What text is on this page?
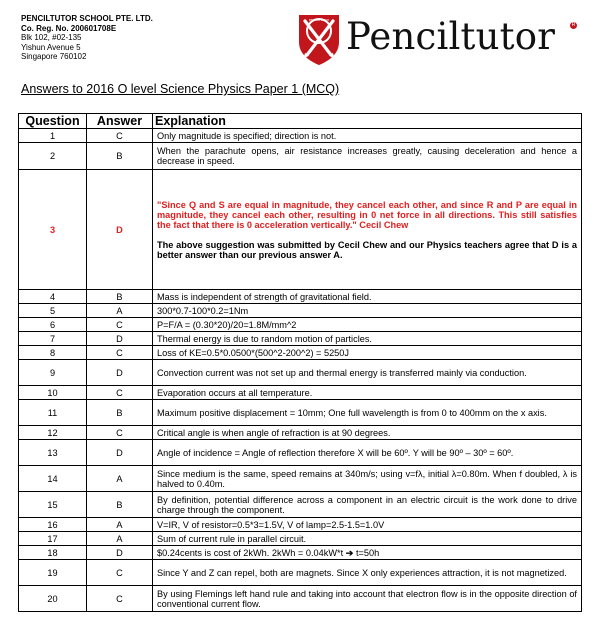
PENCILTUTOR SCHOOL PTE. LTD.
Co. Reg. No. 200601708E
Blk 102, #02-135
Yishun Avenue 5
Singapore 760102
PENCILTUTOR Penciltutor	R
Answers to 2016 O level Science Physics Paper 1 (MCQ)
Question	Answer	Explanation
1	C	Only magnitude is specified; direction is not.
2	B	When the parachute opens, air resistance increases greatly, causing deceleration and hence a decrease in speed.
3	D	"Since Q and S are equal in magnitude, they cancel each other, and since R and P are equal in magnitude, they cancel each other, resulting in 0 net force in all directions. This still satisfies the fact that there is 0 acceleration vertically." Cecil Chew
The above suggestion was submitted by Cecil Chew and our Physics teachers agree that D is a better answer than our previous answer A.

4	B	Mass is independent of strength of gravitational field.
5	A	300*0.7-100*0.2=1Nm
6	C	P=F/A = (0.30*20)/20=1.8M/mm^2
7	D	Thermal energy is due to random motion of particles.
8	C	Loss of KE=0.5*0.0500*(500^2-200^2) = 5250J
9	D	Convection current was not set up and thermal energy is transferred mainly via conduction.
10	C	Evaporation occurs at all temperature.
11	B	Maximum positive displacement = 10mm; One full wavelength is from 0 to 400mm on the x axis.
12	C	Critical angle is when angle of refraction is at 90 degrees.
13	D	Angle of incidence = Angle of reflection therefore X will be 60º. Y will be 90º – 30º = 60º.
14	A	Since medium is the same, speed remains at 340m/s; using v=fλ, initial λ=0.80m. When f doubled, λ is halved to 0.40m.
15	B	By definition, potential difference across a component in an electric circuit is the work done to drive charge through the component.
16	A	V=IR, V of resistor=0.5*3=1.5V, V of lamp=2.5-1.5=1.0V
17	A	Sum of current rule in parallel circuit.
18	D	$0.24cents is cost of 2kWh. 2kWh = 0.04kW*t ➔ t=50h
19	C	Since Y and Z can repel, both are magnets. Since X only experiences attraction, it is not magnetized.
20	C	By using Flemings left hand rule and taking into account that electron flow is in the opposite direction of conventional current flow.
